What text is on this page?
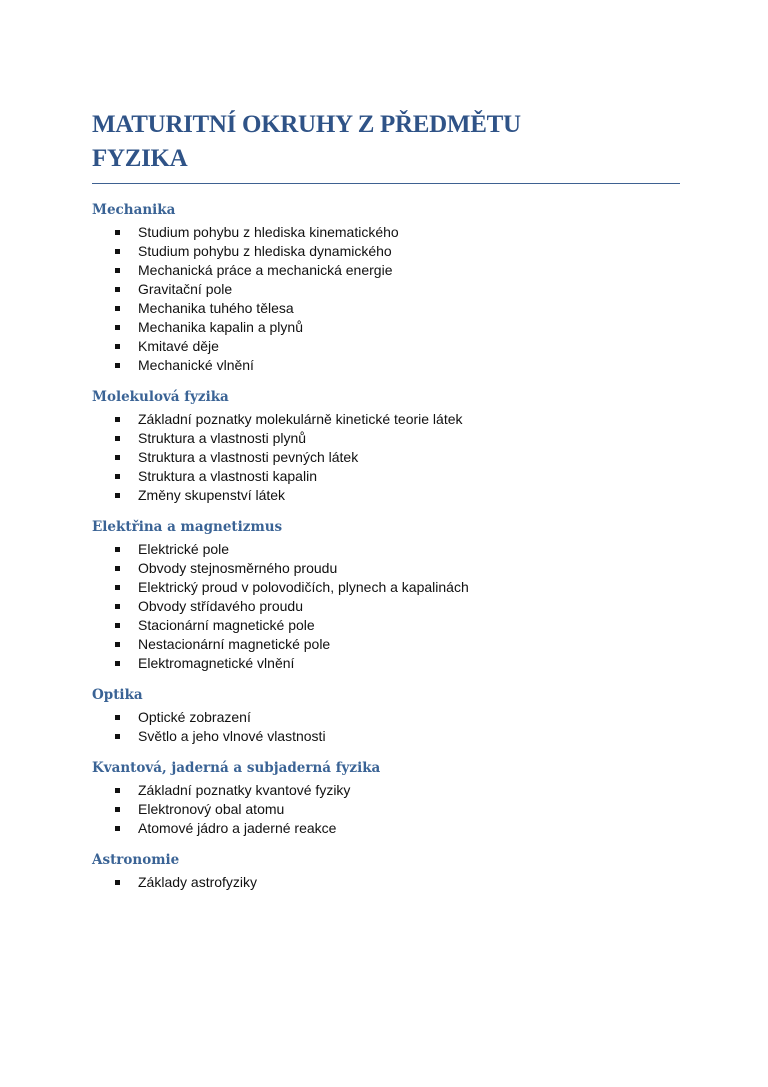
MATURITNÍ OKRUHY Z PŘEDMĚTU
FYZIKA
Mechanika
Studium pohybu z hlediska kinematického
Studium pohybu z hlediska dynamického
Mechanická práce a mechanická energie
Gravitační pole
Mechanika tuhého tělesa
Mechanika kapalin a plynů
Kmitavé děje
Mechanické vlnění
Molekulová fyzika
Základní poznatky molekulárně kinetické teorie látek
Struktura a vlastnosti plynů
Struktura a vlastnosti pevných látek
Struktura a vlastnosti kapalin
Změny skupenství látek
Elektřina a magnetizmus
Elektrické pole
Obvody stejnosměrného proudu
Elektrický proud v polovodičích, plynech a kapalinách
Obvody střídavého proudu
Stacionární magnetické pole
Nestacionární magnetické pole
Elektromagnetické vlnění
Optika
Optické zobrazení
Světlo a jeho vlnové vlastnosti
Kvantová, jaderná a subjaderná fyzika
Základní poznatky kvantové fyziky
Elektronový obal atomu
Atomové jádro a jaderné reakce
Astronomie
Základy astrofyziky
